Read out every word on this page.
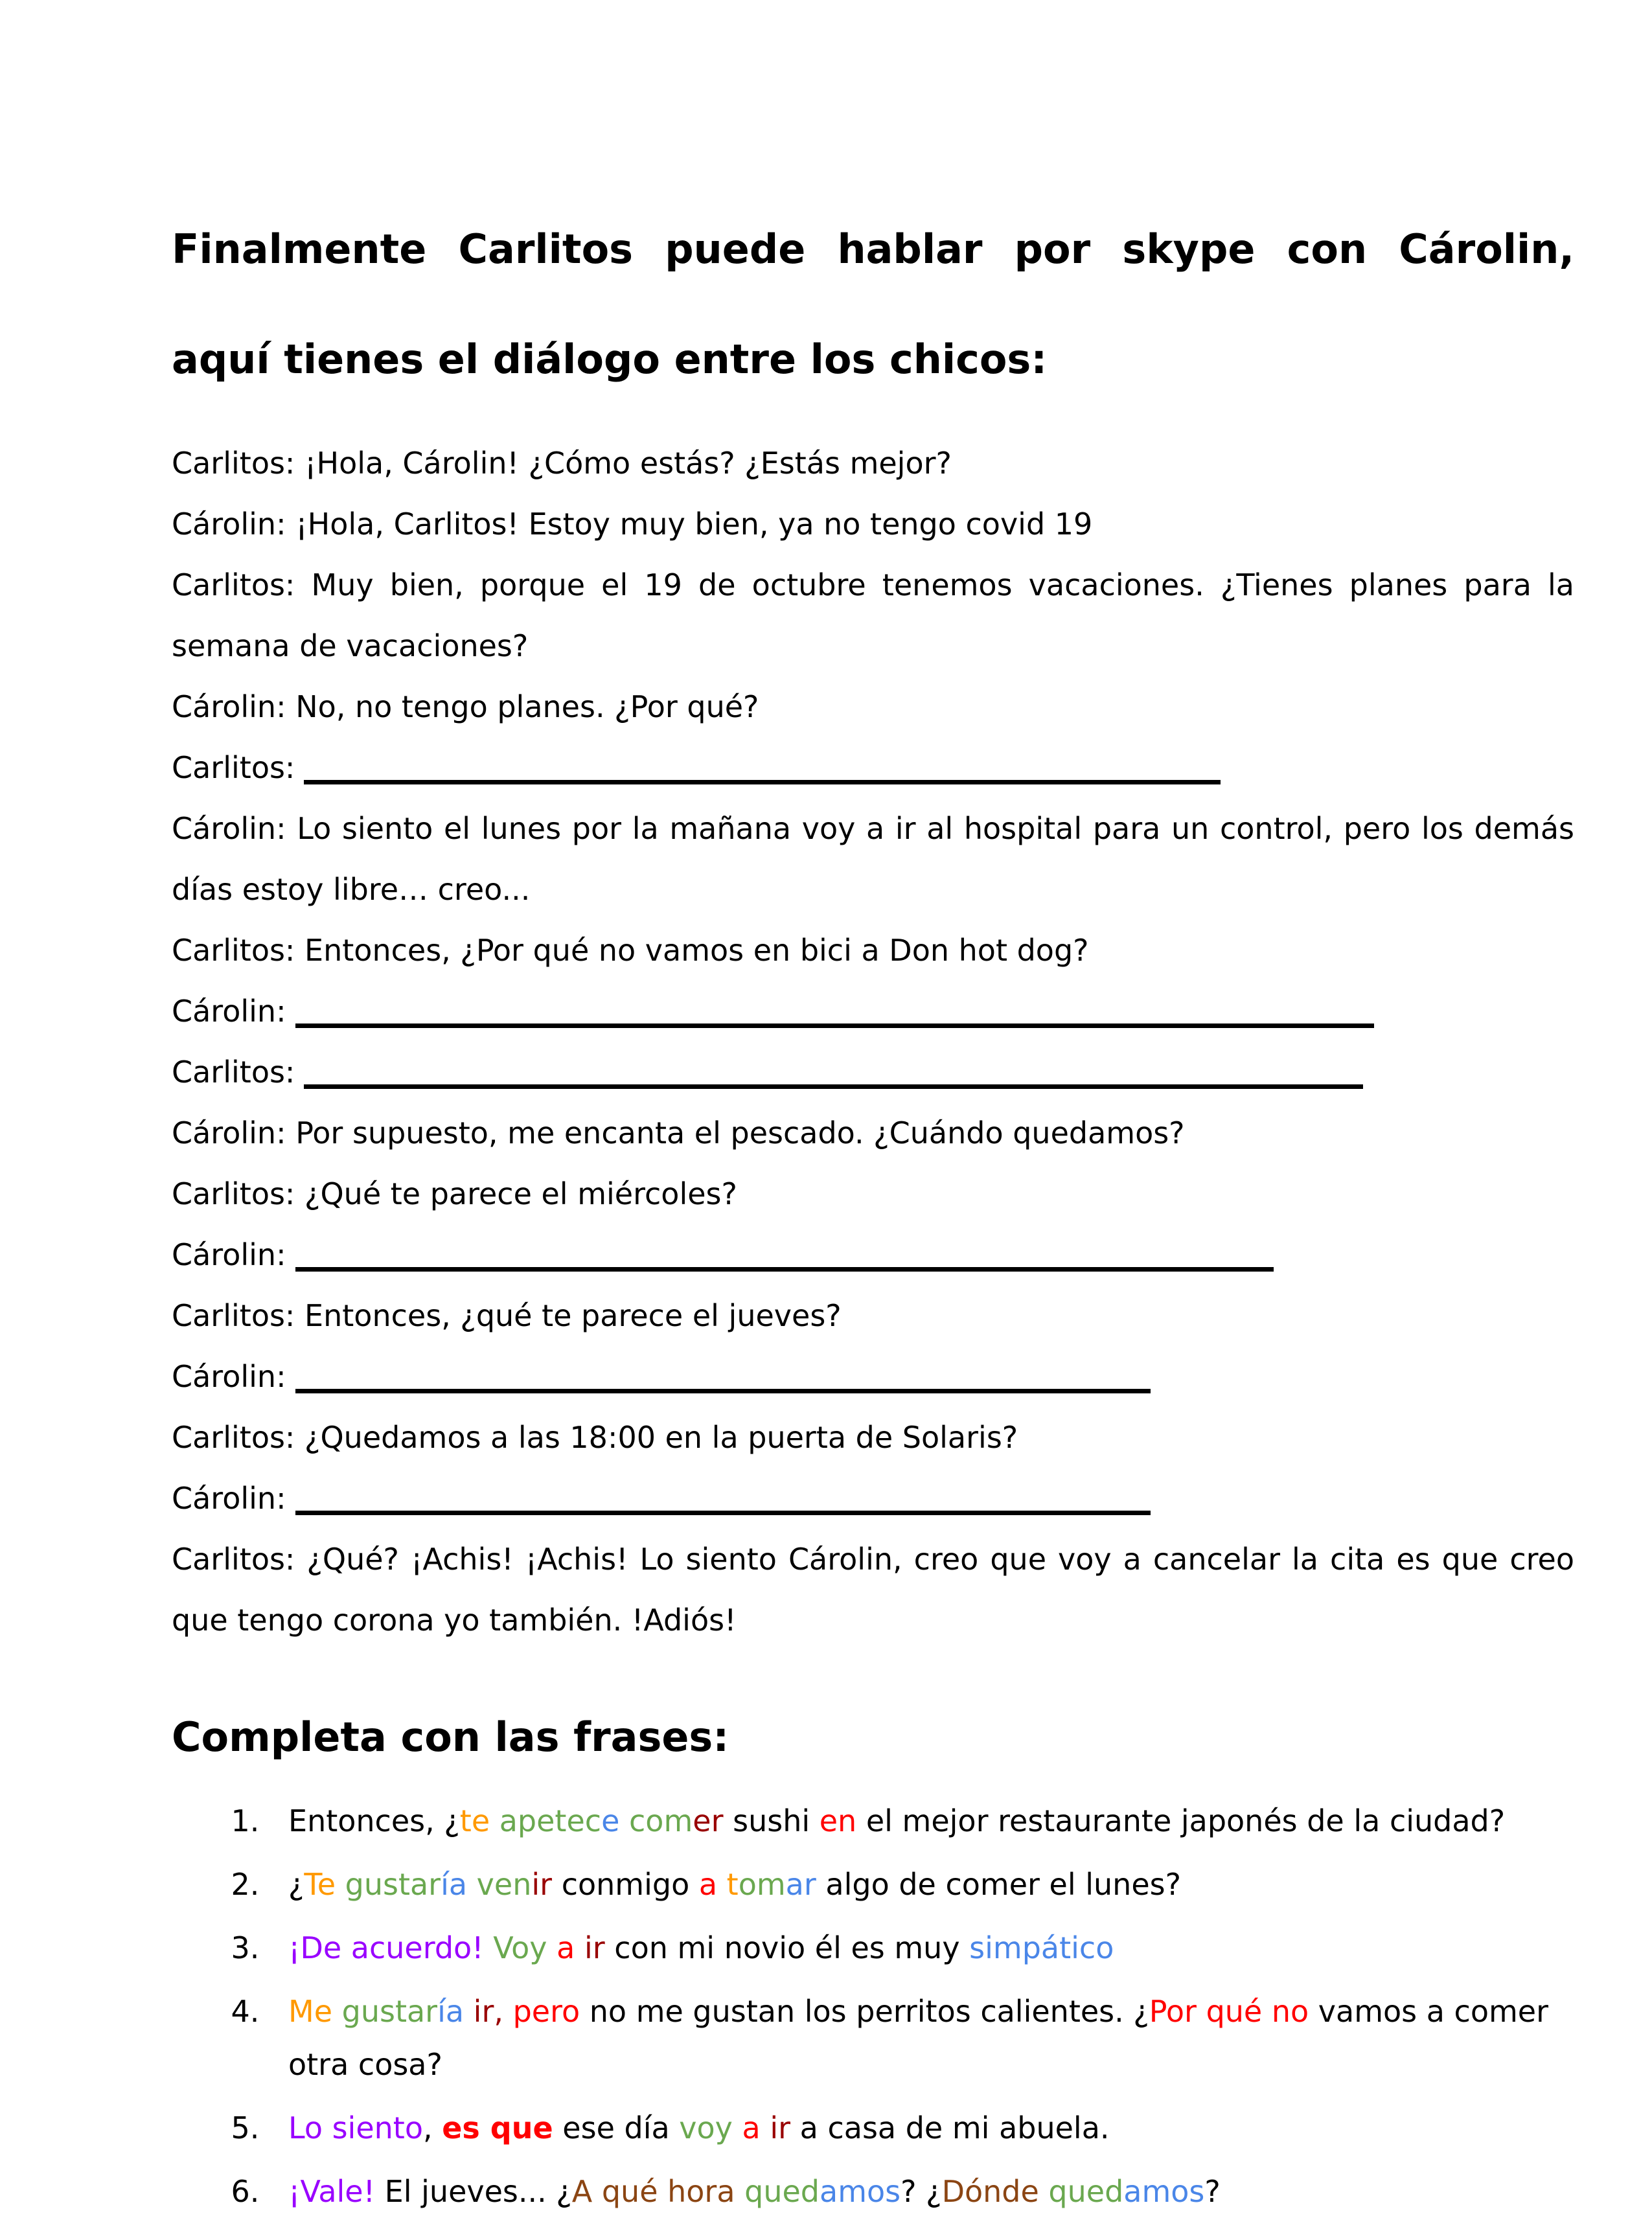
Finalmente Carlitos puede hablar por skype con Cárolin,
aquí tienes el diálogo entre los chicos:
Carlitos: ¡Hola, Cárolin! ¿Cómo estás? ¿Estás mejor?
Cárolin: ¡Hola, Carlitos! Estoy muy bien, ya no tengo covid 19
Carlitos: Muy bien, porque el 19 de octubre tenemos vacaciones. ¿Tienes planes para la semana de vacaciones?
Cárolin: No, no tengo planes. ¿Por qué?
Carlitos:
Cárolin: Lo siento el lunes por la mañana voy a ir al hospital para un control, pero los demás días estoy libre… creo...
Carlitos: Entonces, ¿Por qué no vamos en bici a Don hot dog?
Cárolin:
Carlitos:
Cárolin: Por supuesto, me encanta el pescado. ¿Cuándo quedamos?
Carlitos: ¿Qué te parece el miércoles?
Cárolin:
Carlitos: Entonces, ¿qué te parece el jueves?
Cárolin:
Carlitos: ¿Quedamos a las 18:00 en la puerta de Solaris?
Cárolin:
Carlitos: ¿Qué? ¡Achis! ¡Achis! Lo siento Cárolin, creo que voy a cancelar la cita es que creo que tengo corona yo también. !Adiós!
Completa con las frases:
1. Entonces, ¿te apetece comer sushi en el mejor restaurante japonés de la ciudad?
2. ¿Te gustaría venir conmigo a tomar algo de comer el lunes?
3. ¡De acuerdo! Voy a ir con mi novio él es muy simpático
4. Me gustaría ir, pero no me gustan los perritos calientes. ¿Por qué no vamos a comer otra cosa?
5. Lo siento, es que ese día voy a ir a casa de mi abuela.
6. ¡Vale! El jueves... ¿A qué hora quedamos? ¿Dónde quedamos?
